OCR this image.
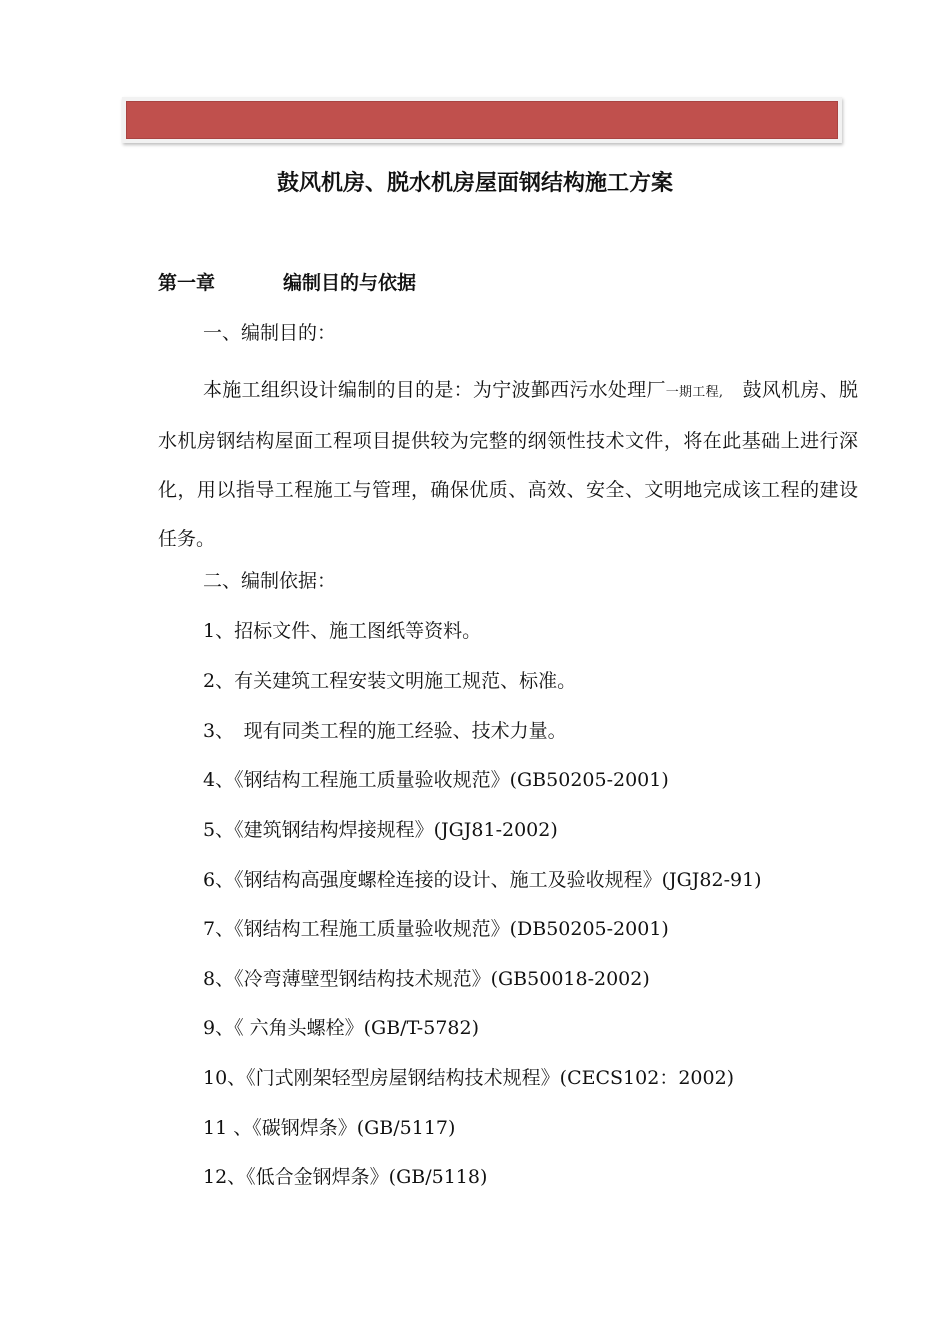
鼓风机房、脱水机房屋面钢结构施工方案
第一章	编制目的与依据
一、编制目的：
本施工组织设计编制的目的是：为宁波鄞西污水处理厂一期工程,　鼓风机房、脱水机房钢结构屋面工程项目提供较为完整的纲领性技术文件，将在此基础上进行深化，用以指导工程施工与管理，确保优质、高效、安全、文明地完成该工程的建设任务。
二、编制依据：
1、招标文件、施工图纸等资料。
2、有关建筑工程安装文明施工规范、标准。
3、　现有同类工程的施工经验、技术力量。
4、《钢结构工程施工质量验收规范》(GB50205-2001)
5、《建筑钢结构焊接规程》(JGJ81-2002)
6、《钢结构高强度螺栓连接的设计、施工及验收规程》(JGJ82-91)
7、《钢结构工程施工质量验收规范》(DB50205-2001)
8、《冷弯薄壁型钢结构技术规范》(GB50018-2002)
9、《 六角头螺栓》(GB/T-5782)
10、《门式刚架轻型房屋钢结构技术规程》(CECS102：2002)
11 、《碳钢焊条》(GB/5117)
12、《低合金钢焊条》(GB/5118)
